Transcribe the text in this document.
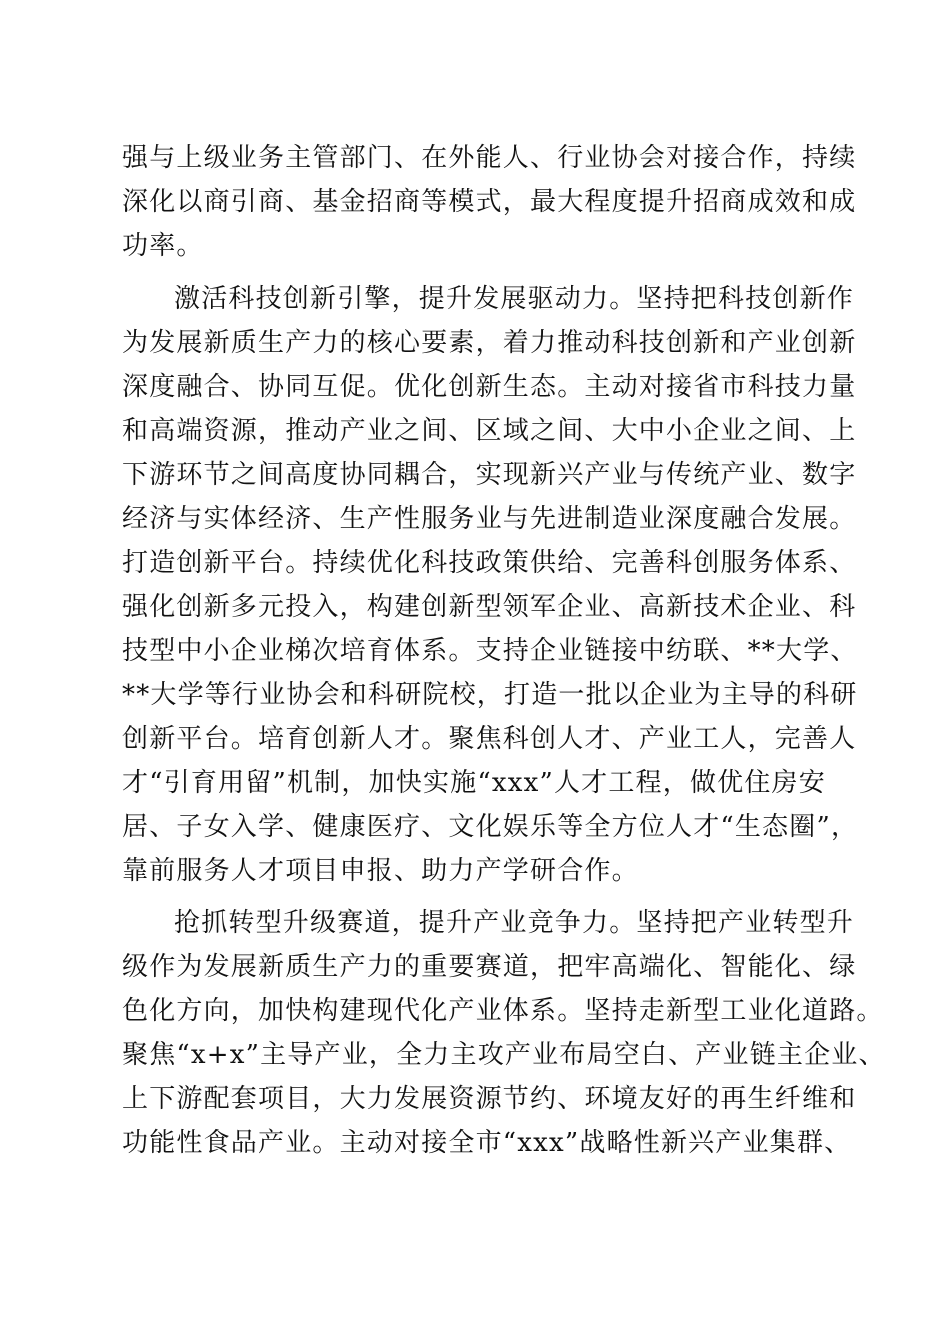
强与上级业务主管部门、在外能人、行业协会对接合作，持续
深化以商引商、基金招商等模式，最大程度提升招商成效和成
功率。
激活科技创新引擎，提升发展驱动力。坚持把科技创新作
为发展新质生产力的核心要素，着力推动科技创新和产业创新
深度融合、协同互促。优化创新生态。主动对接省市科技力量
和高端资源，推动产业之间、区域之间、大中小企业之间、上
下游环节之间高度协同耦合，实现新兴产业与传统产业、数字
经济与实体经济、生产性服务业与先进制造业深度融合发展。
打造创新平台。持续优化科技政策供给、完善科创服务体系、
强化创新多元投入，构建创新型领军企业、高新技术企业、科
技型中小企业梯次培育体系。支持企业链接中纺联、**大学、
**大学等行业协会和科研院校，打造一批以企业为主导的科研
创新平台。培育创新人才。聚焦科创人才、产业工人，完善人
才“引育用留”机制，加快实施“xxx”人才工程，做优住房安
居、子女入学、健康医疗、文化娱乐等全方位人才“生态圈”，
靠前服务人才项目申报、助力产学研合作。
抢抓转型升级赛道，提升产业竞争力。坚持把产业转型升
级作为发展新质生产力的重要赛道，把牢高端化、智能化、绿
色化方向，加快构建现代化产业体系。坚持走新型工业化道路。
聚焦“x+x”主导产业，全力主攻产业布局空白、产业链主企业、
上下游配套项目，大力发展资源节约、环境友好的再生纤维和
功能性食品产业。主动对接全市“xxx”战略性新兴产业集群、
